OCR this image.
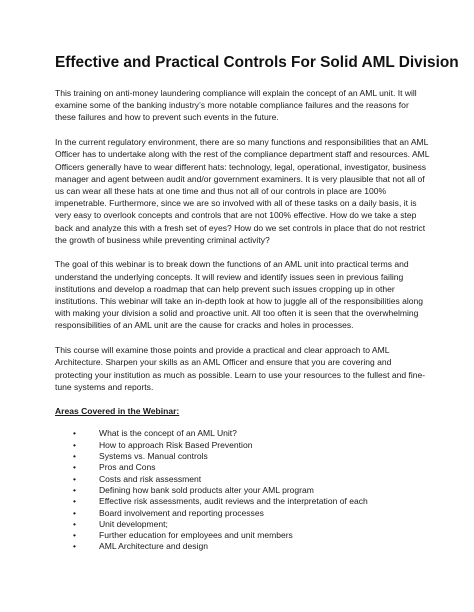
Effective and Practical Controls For Solid AML Division

This training on anti-money laundering compliance will explain the concept of an AML unit. It will examine some of the banking industry’s more notable compliance failures and the reasons for these failures and how to prevent such events in the future.

In the current regulatory environment, there are so many functions and responsibilities that an AML Officer has to undertake along with the rest of the compliance department staff and resources. AML Officers generally have to wear different hats: technology, legal, operational, investigator, business manager and agent between audit and/or government examiners. It is very plausible that not all of us can wear all these hats at one time and thus not all of our controls in place are 100% impenetrable. Furthermore, since we are so involved with all of these tasks on a daily basis, it is very easy to overlook concepts and controls that are not 100% effective. How do we take a step back and analyze this with a fresh set of eyes? How do we set controls in place that do not restrict the growth of business while preventing criminal activity?

The goal of this webinar is to break down the functions of an AML unit into practical terms and understand the underlying concepts. It will review and identify issues seen in previous failing institutions and develop a roadmap that can help prevent such issues cropping up in other institutions. This webinar will take an in-depth look at how to juggle all of the responsibilities along with making your division a solid and proactive unit. All too often it is seen that the overwhelming responsibilities of an AML unit are the cause for cracks and holes in processes.

This course will examine those points and provide a practical and clear approach to AML Architecture. Sharpen your skills as an AML Officer and ensure that you are covering and protecting your institution as much as possible. Learn to use your resources to the fullest and fine-tune systems and reports.

Areas Covered in the Webinar:
•	What is the concept of an AML Unit?
•	How to approach Risk Based Prevention
•	Systems vs. Manual controls
•	Pros and Cons
•	Costs and risk assessment
•	Defining how bank sold products alter your AML program
•	Effective risk assessments, audit reviews and the interpretation of each
•	Board involvement and reporting processes
•	Unit development;
•	Further education for employees and unit members
•	AML Architecture and design
